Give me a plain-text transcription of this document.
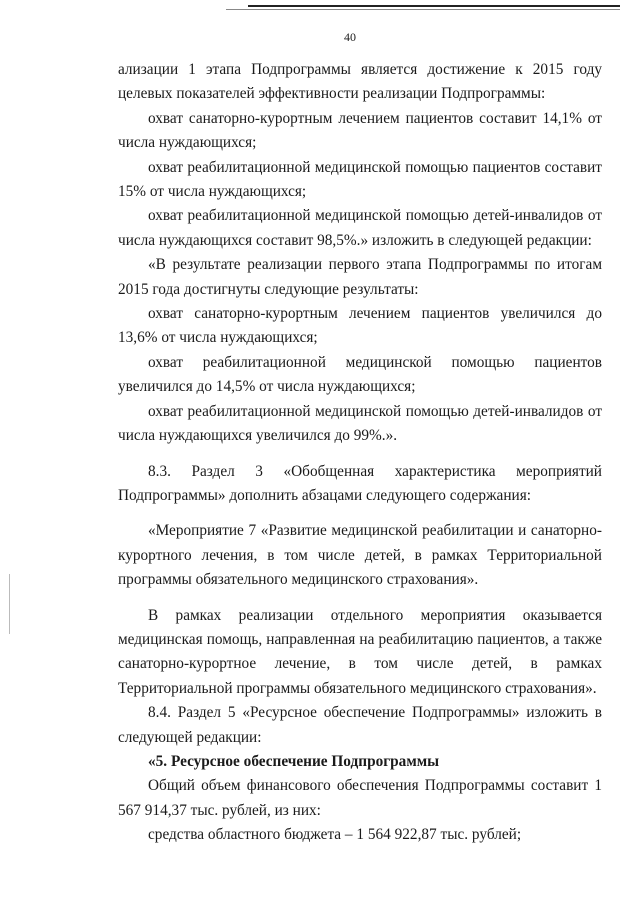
40

ализации 1 этапа Подпрограммы является достижение к 2015 году целевых показателей эффективности реализации Подпрограммы:

охват санаторно-курортным лечением пациентов составит 14,1% от числа нуждающихся;

охват реабилитационной медицинской помощью пациентов составит 15% от числа нуждающихся;

охват реабилитационной медицинской помощью детей-инвалидов от числа нуждающихся составит 98,5%.» изложить в следующей редакции:

«В результате реализации первого этапа Подпрограммы по итогам 2015 года достигнуты следующие результаты:

охват санаторно-курортным лечением пациентов увеличился до 13,6% от числа нуждающихся;

охват реабилитационной медицинской помощью пациентов увеличился до 14,5% от числа нуждающихся;

охват реабилитационной медицинской помощью детей-инвалидов от числа нуждающихся увеличился до 99%.».

8.3. Раздел 3 «Обобщенная характеристика мероприятий Подпрограммы» дополнить абзацами следующего содержания:

«Мероприятие 7 «Развитие медицинской реабилитации и санаторно-курортного лечения, в том числе детей, в рамках Территориальной программы обязательного медицинского страхования».

В рамках реализации отдельного мероприятия оказывается медицинская помощь, направленная на реабилитацию пациентов, а также санаторно-курортное лечение, в том числе детей, в рамках Территориальной программы обязательного медицинского страхования».

8.4. Раздел 5 «Ресурсное обеспечение Подпрограммы» изложить в следующей редакции:

«5. Ресурсное обеспечение Подпрограммы

Общий объем финансового обеспечения Подпрограммы составит 1 567 914,37 тыс. рублей, из них:

средства областного бюджета – 1 564 922,87 тыс. рублей;
